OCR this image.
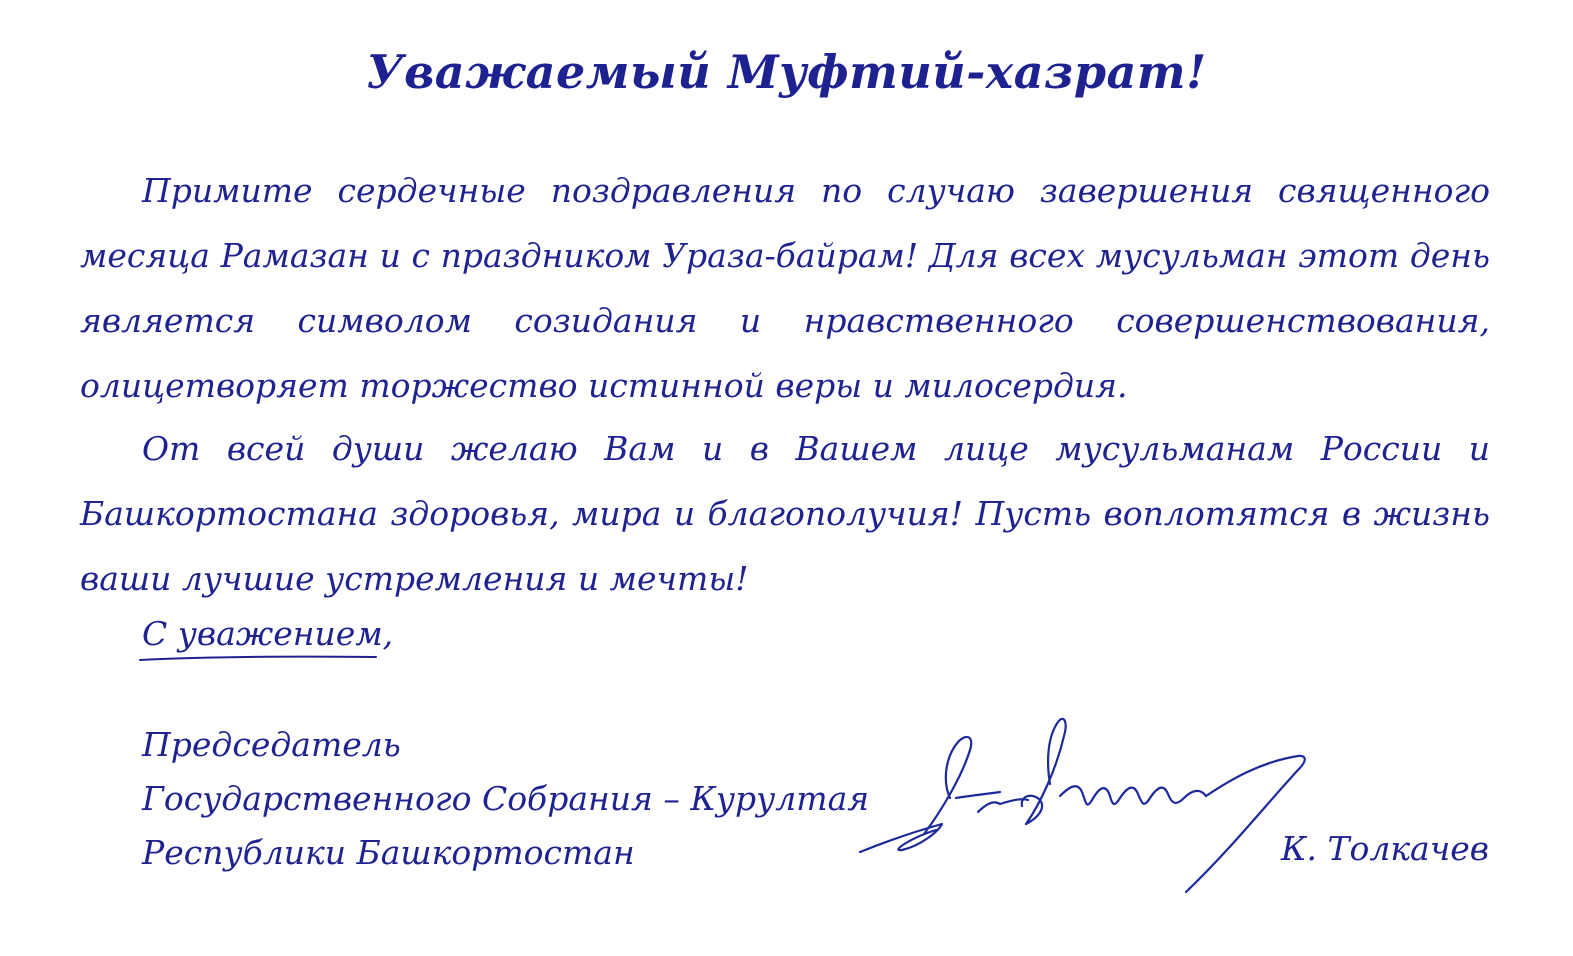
Уважаемый Муфтий-хазрат!
Примите сердечные поздравления по случаю завершения священного месяца Рамазан и с праздником Ураза-байрам! Для всех мусульман этот день является символом созидания и нравственного совершенствования, олицетворяет торжество истинной веры и милосердия.
От всей души желаю Вам и в Вашем лице мусульманам России и Башкортостана здоровья, мира и благополучия! Пусть воплотятся в жизнь ваши лучшие устремления и мечты!
С уважением,
Председатель
Государственного Собрания – Курултая
Республики Башкортостан	К. Толкачев
